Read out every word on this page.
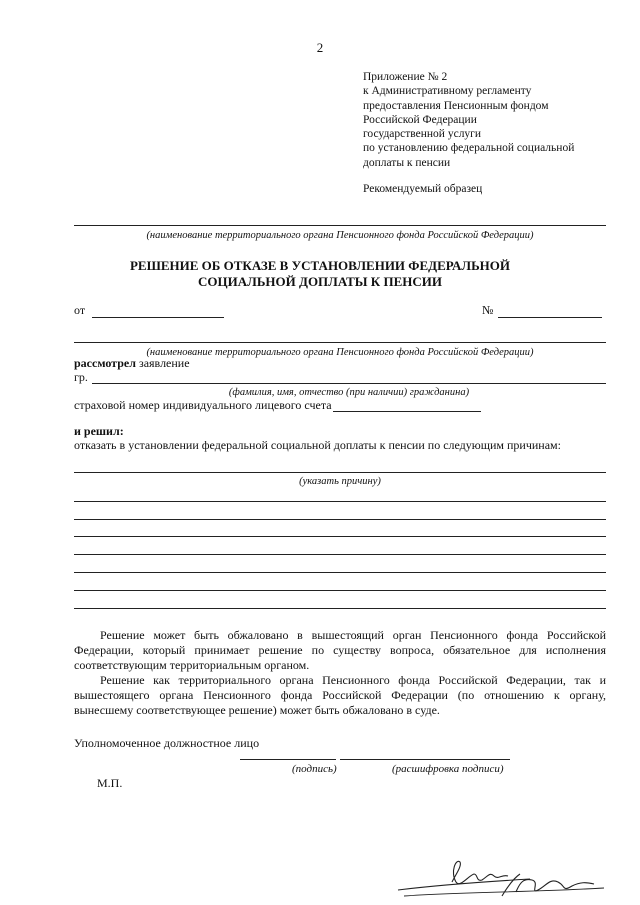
2
Приложение № 2
к Административному регламенту
предоставления Пенсионным фондом
Российской Федерации
государственной услуги
по установлению федеральной социальной
доплаты к пенсии
Рекомендуемый образец
(наименование территориального органа Пенсионного фонда Российской Федерации)
РЕШЕНИЕ ОБ ОТКАЗЕ В УСТАНОВЛЕНИИ ФЕДЕРАЛЬНОЙ
СОЦИАЛЬНОЙ ДОПЛАТЫ К ПЕНСИИ
от	№
(наименование территориального органа Пенсионного фонда Российской Федерации)
рассмотрел заявление
гр.
(фамилия, имя, отчество (при наличии) гражданина)
страховой номер индивидуального лицевого счета
и решил:
отказать в установлении федеральной социальной доплаты к пенсии по следующим причинам:
(указать причину)

Решение может быть обжаловано в вышестоящий орган Пенсионного фонда Российской Федерации, который принимает решение по существу вопроса, обязательное для исполнения соответствующим территориальным органом.

Решение как территориального органа Пенсионного фонда Российской Федерации, так и вышестоящего органа Пенсионного фонда Российской Федерации (по отношению к органу, вынесшему соответствующее решение) может быть обжаловано в суде.

Уполномоченное должностное лицо
(подпись)	(расшифровка подписи)
М.П.
